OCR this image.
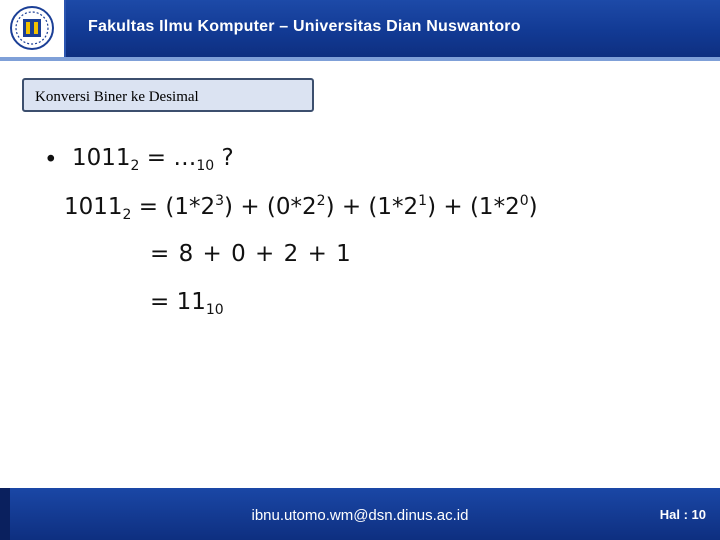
Fakultas Ilmu Komputer – Universitas Dian Nuswantoro
Konversi Biner ke Desimal
• $1011_2$ = $\dots_{10}$ ?
$1011_2 = (1*2^3) + (0*2^2) + (1*2^1) + (1*2^0)$
= 8 + 0 + 2 + 1
= $11_{10}$
ibnu.utomo.wm@dsn.dinus.ac.id	Hal : 10
